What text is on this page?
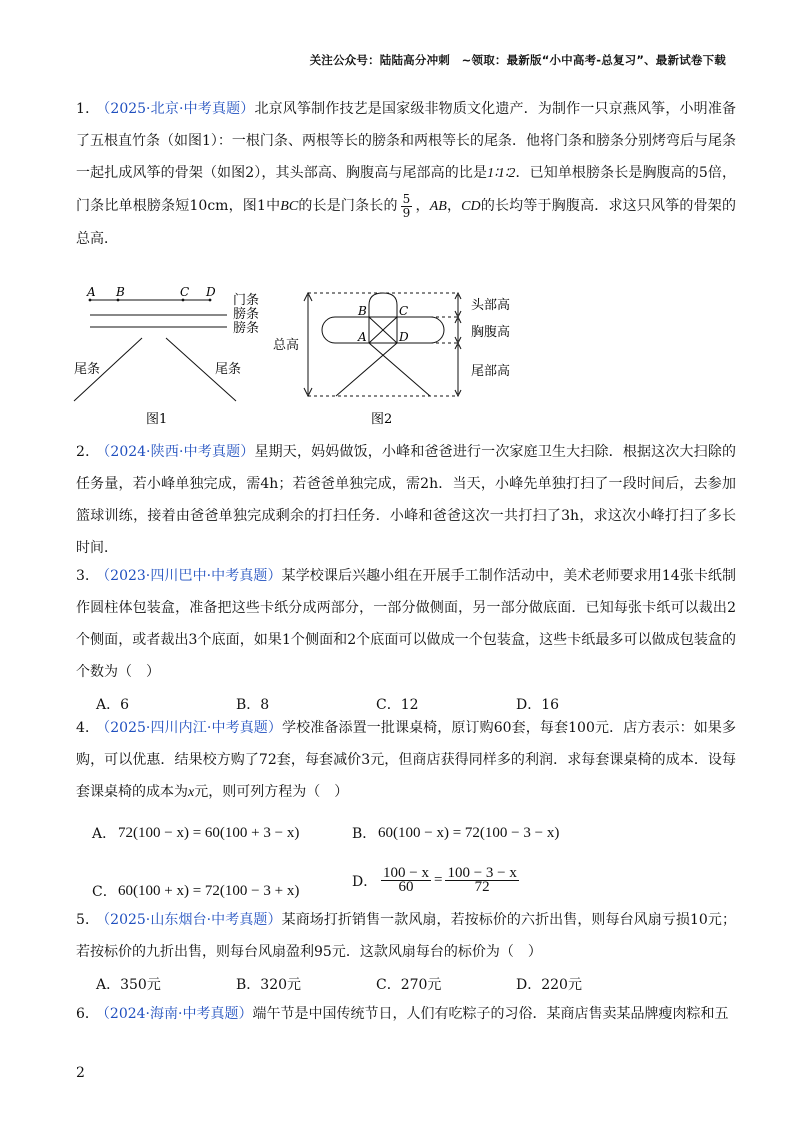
关注公众号：陆陆高分冲刺　~领取：最新版“小中高考-总复习”、最新试卷下载

1． （2025·北京·中考真题）北京风筝制作技艺是国家级非物质文化遗产．为制作一只京燕风筝，小明准备了五根直竹条（如图1）：一根门条、两根等长的膀条和两根等长的尾条．他将门条和膀条分别烤弯后与尾条一起扎成风筝的骨架（如图2），其头部高、胸腹高与尾部高的比是1∶1∶2．已知单根膀条长是胸腹高的5倍，门条比单根膀条短10cm，图1中BC的长是门条长的 $\frac{5}{9}$ ，AB，CD的长均等于胸腹高．求这只风筝的骨架的总高．

A B	C D
门条
膀条
膀条
尾条	尾条
图1
总高
B	C
A	D
头部高
胸腹高
尾部高
图2

2． （2024·陕西·中考真题）星期天，妈妈做饭，小峰和爸爸进行一次家庭卫生大扫除．根据这次大扫除的任务量，若小峰单独完成，需4h；若爸爸单独完成，需2h．当天，小峰先单独打扫了一段时间后，去参加篮球训练，接着由爸爸单独完成剩余的打扫任务．小峰和爸爸这次一共打扫了3h，求这次小峰打扫了多长时间．

3． （2023·四川巴中·中考真题）某学校课后兴趣小组在开展手工制作活动中，美术老师要求用14张卡纸制作圆柱体包装盒，准备把这些卡纸分成两部分，一部分做侧面，另一部分做底面．已知每张卡纸可以裁出2个侧面，或者裁出3个底面，如果1个侧面和2个底面可以做成一个包装盒，这些卡纸最多可以做成包装盒的个数为（　）

A．6	B．8	C．12	D．16

4． （2025·四川内江·中考真题）学校准备添置一批课桌椅，原订购60套，每套100元．店方表示：如果多购，可以优惠．结果校方购了72套，每套减价3元，但商店获得同样多的利润．求每套课桌椅的成本．设每套课桌椅的成本为x元，则可列方程为（　）

A． 72(100 − x) = 60(100 + 3 − x)	B． 60(100 − x) = 72(100 − 3 − x)
C． 60(100 + x) = 72(100 − 3 + x)
D． $\frac{100 - x}{60} = \frac{100 - 3 - x}{72}$

5． （2025·山东烟台·中考真题）某商场打折销售一款风扇，若按标价的六折出售，则每台风扇亏损10元；若按标价的九折出售，则每台风扇盈利95元．这款风扇每台的标价为（　）

A．350元	B．320元	C．270元	D．220元

6． （2024·海南·中考真题）端午节是中国传统节日，人们有吃粽子的习俗．某商店售卖某品牌瘦肉粽和五

2
